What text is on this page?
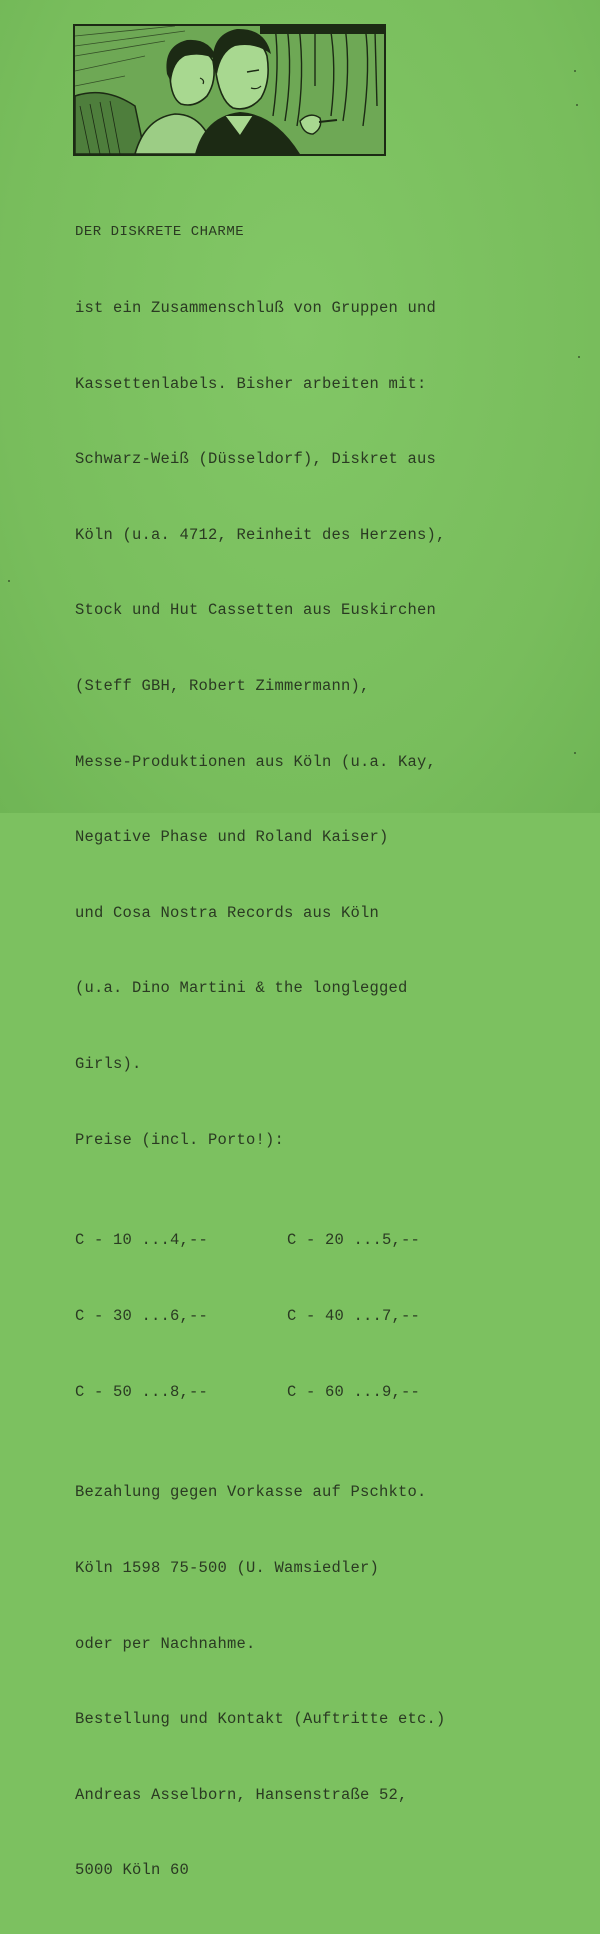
DER DISKRETE CHARME

ist ein Zusammenschluß von Gruppen und

Kassettenlabels. Bisher arbeiten mit:

Schwarz-Weiß (Düsseldorf), Diskret aus

Köln (u.a. 4712, Reinheit des Herzens),

Stock und Hut Cassetten aus Euskirchen

(Steff GBH, Robert Zimmermann),

Messe-Produktionen aus Köln (u.a. Kay,

Negative Phase und Roland Kaiser)

und Cosa Nostra Records aus Köln

(u.a. Dino Martini & the longlegged

Girls).

Preise (incl. Porto!):

C - 10 ...4,--	C - 20 ...5,--

C - 30 ...6,--	C - 40 ...7,--

C - 50 ...8,--	C - 60 ...9,--

Bezahlung gegen Vorkasse auf Pschkto.

Köln 1598 75-500 (U. Wamsiedler)

oder per Nachnahme.

Bestellung und Kontakt (Auftritte etc.)

Andreas Asselborn, Hansenstraße 52,

5000 Köln 60
